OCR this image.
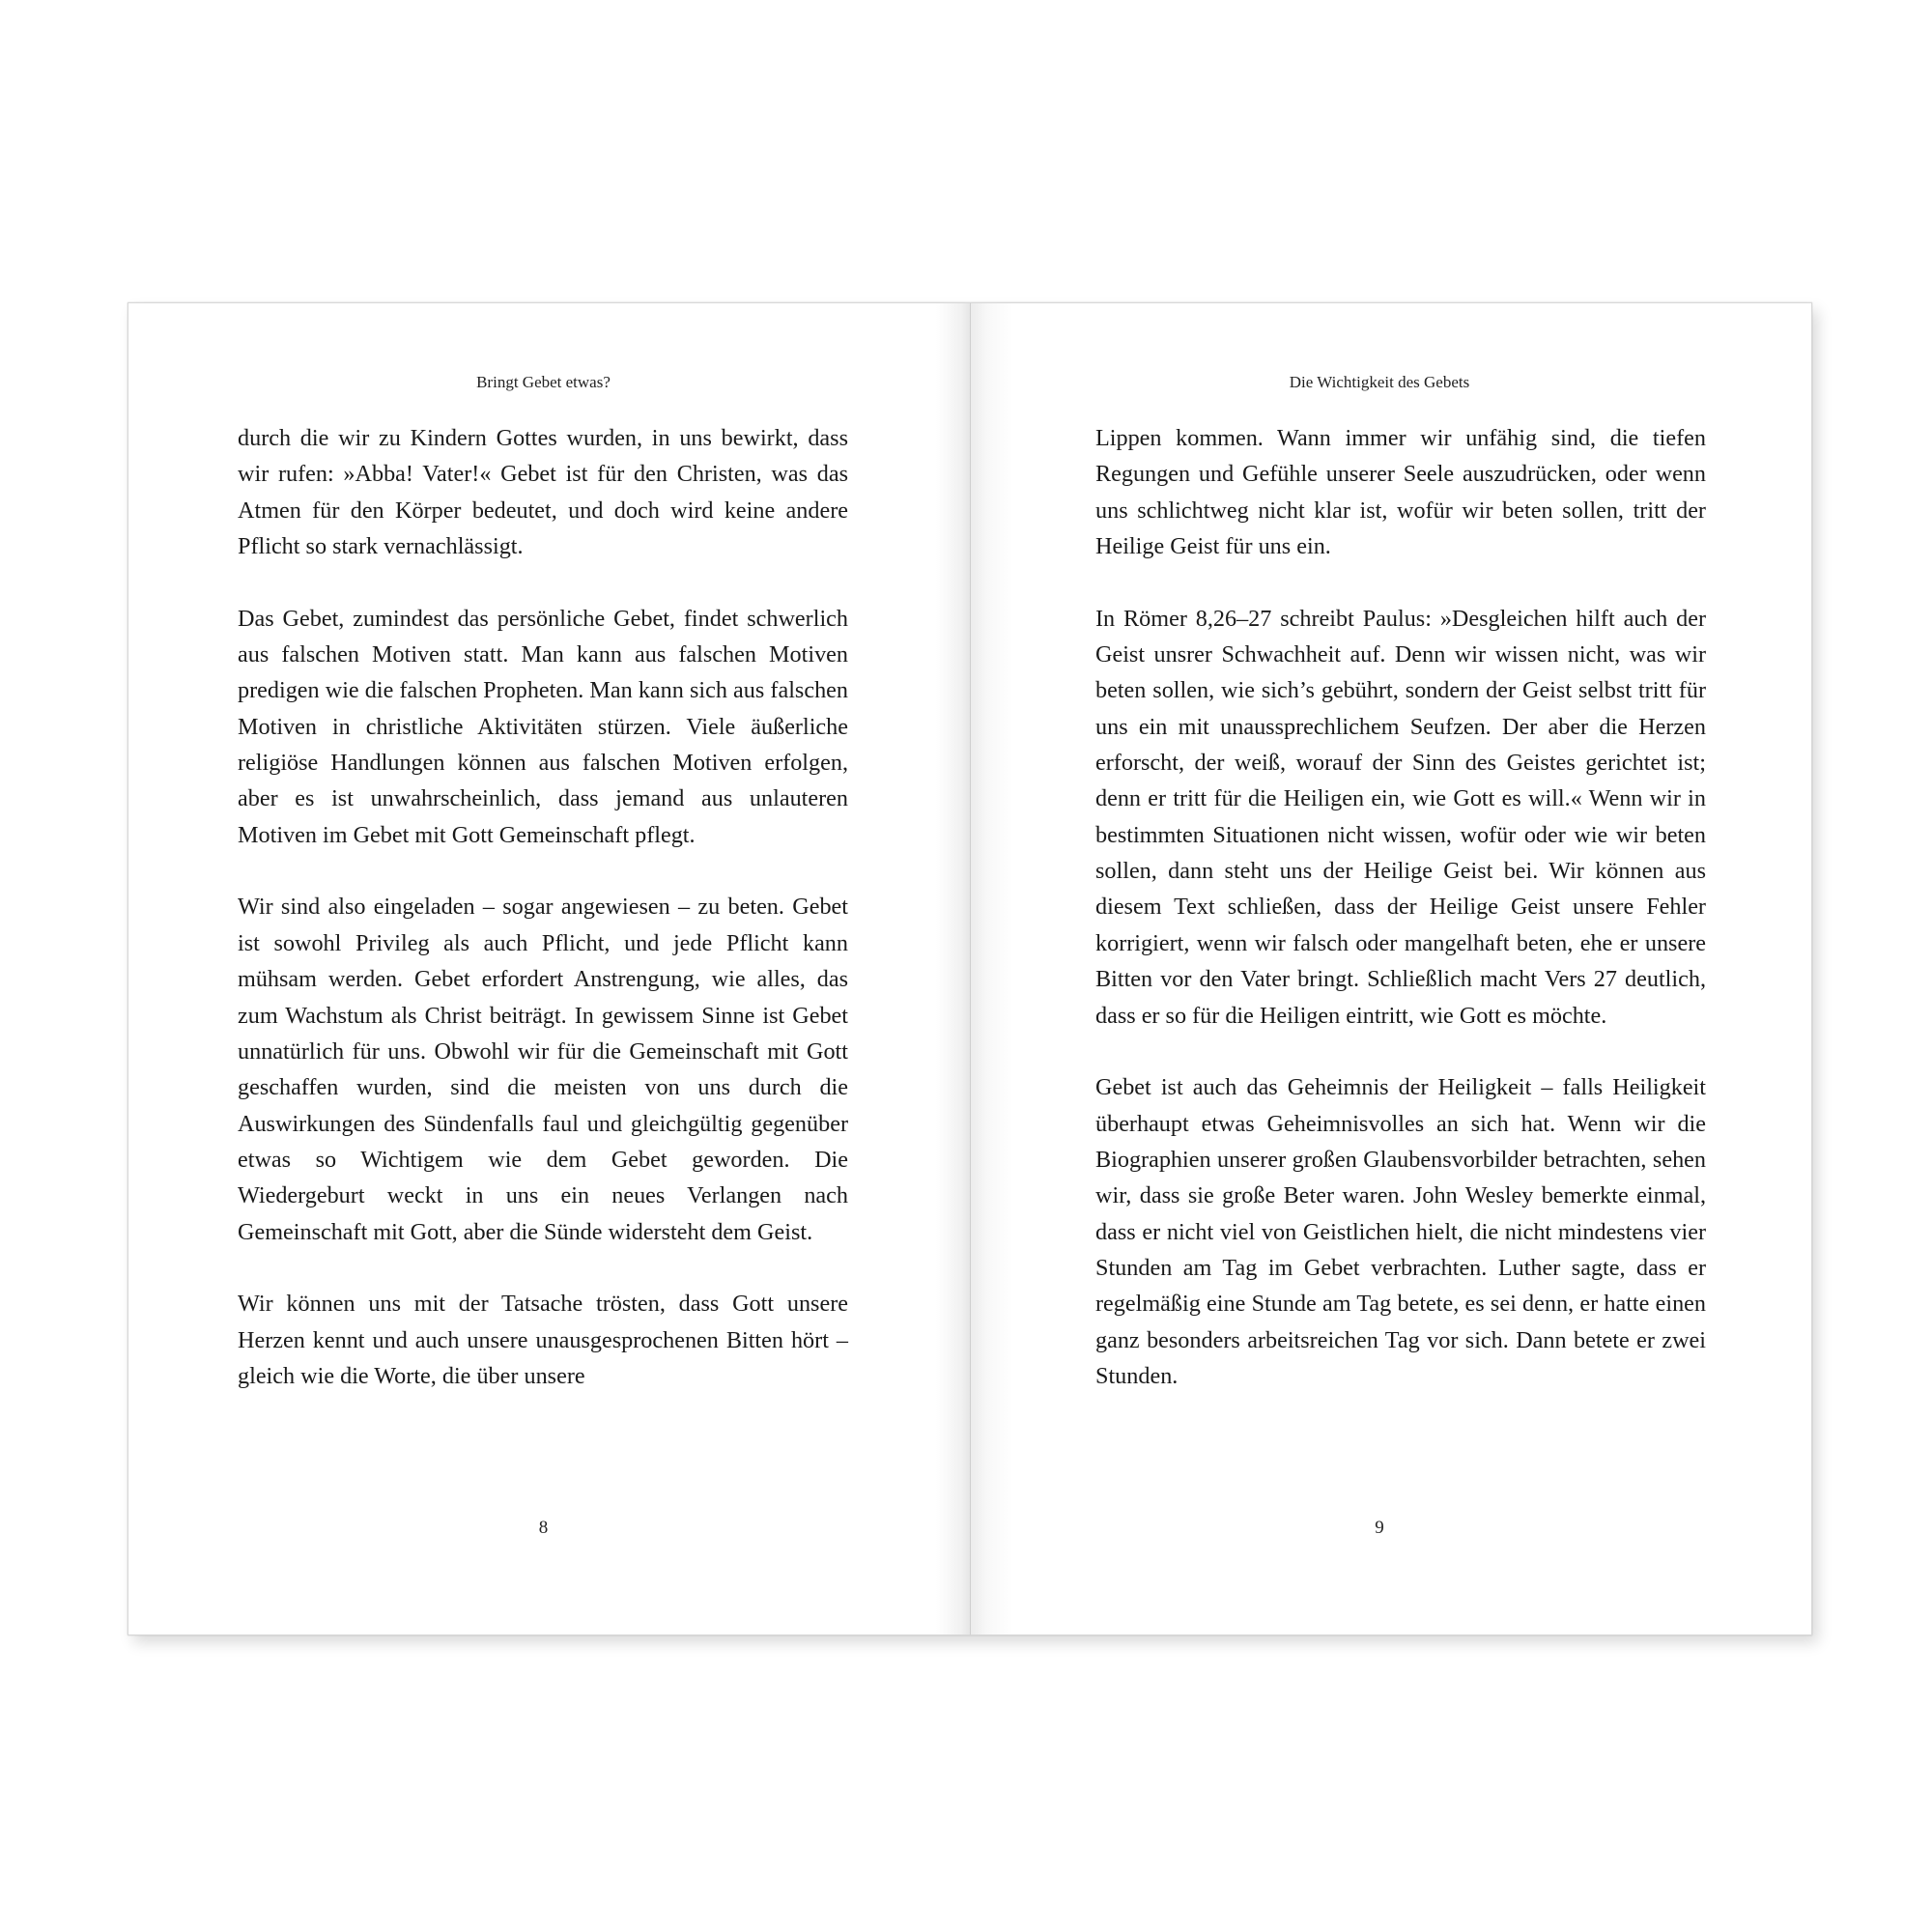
Bringt Gebet etwas?

durch die wir zu Kindern Gottes wurden, in uns bewirkt, dass wir rufen: »Abba! Vater!« Gebet ist für den Christen, was das Atmen für den Körper bedeutet, und doch wird keine andere Pflicht so stark vernachlässigt.

Das Gebet, zumindest das persönliche Gebet, findet schwerlich aus falschen Motiven statt. Man kann aus falschen Motiven predigen wie die falschen Propheten. Man kann sich aus falschen Motiven in christliche Aktivitäten stürzen. Viele äußerliche religiöse Handlungen können aus falschen Motiven erfolgen, aber es ist unwahrscheinlich, dass jemand aus unlauteren Motiven im Gebet mit Gott Gemeinschaft pflegt.

Wir sind also eingeladen – sogar angewiesen – zu beten. Gebet ist sowohl Privileg als auch Pflicht, und jede Pflicht kann mühsam werden. Gebet erfordert Anstrengung, wie alles, das zum Wachstum als Christ beiträgt. In gewissem Sinne ist Gebet unnatürlich für uns. Obwohl wir für die Gemeinschaft mit Gott geschaffen wurden, sind die meisten von uns durch die Auswirkungen des Sündenfalls faul und gleichgültig gegenüber etwas so Wichtigem wie dem Gebet geworden. Die Wiedergeburt weckt in uns ein neues Verlangen nach Gemeinschaft mit Gott, aber die Sünde widersteht dem Geist.

Wir können uns mit der Tatsache trösten, dass Gott unsere Herzen kennt und auch unsere unausgesprochenen Bitten hört – gleich wie die Worte, die über unsere

8
Die Wichtigkeit des Gebets

Lippen kommen. Wann immer wir unfähig sind, die tiefen Regungen und Gefühle unserer Seele auszudrücken, oder wenn uns schlichtweg nicht klar ist, wofür wir beten sollen, tritt der Heilige Geist für uns ein.

In Römer 8,26–27 schreibt Paulus: »Desgleichen hilft auch der Geist unsrer Schwachheit auf. Denn wir wissen nicht, was wir beten sollen, wie sich’s gebührt, sondern der Geist selbst tritt für uns ein mit unaussprechlichem Seufzen. Der aber die Herzen erforscht, der weiß, worauf der Sinn des Geistes gerichtet ist; denn er tritt für die Heiligen ein, wie Gott es will.« Wenn wir in bestimmten Situationen nicht wissen, wofür oder wie wir beten sollen, dann steht uns der Heilige Geist bei. Wir können aus diesem Text schließen, dass der Heilige Geist unsere Fehler korrigiert, wenn wir falsch oder mangelhaft beten, ehe er unsere Bitten vor den Vater bringt. Schließlich macht Vers 27 deutlich, dass er so für die Heiligen eintritt, wie Gott es möchte.

Gebet ist auch das Geheimnis der Heiligkeit – falls Heiligkeit überhaupt etwas Geheimnisvolles an sich hat. Wenn wir die Biographien unserer großen Glaubensvorbilder betrachten, sehen wir, dass sie große Beter waren. John Wesley bemerkte einmal, dass er nicht viel von Geistlichen hielt, die nicht mindestens vier Stunden am Tag im Gebet verbrachten. Luther sagte, dass er regelmäßig eine Stunde am Tag betete, es sei denn, er hatte einen ganz besonders arbeitsreichen Tag vor sich. Dann betete er zwei Stunden.

9
